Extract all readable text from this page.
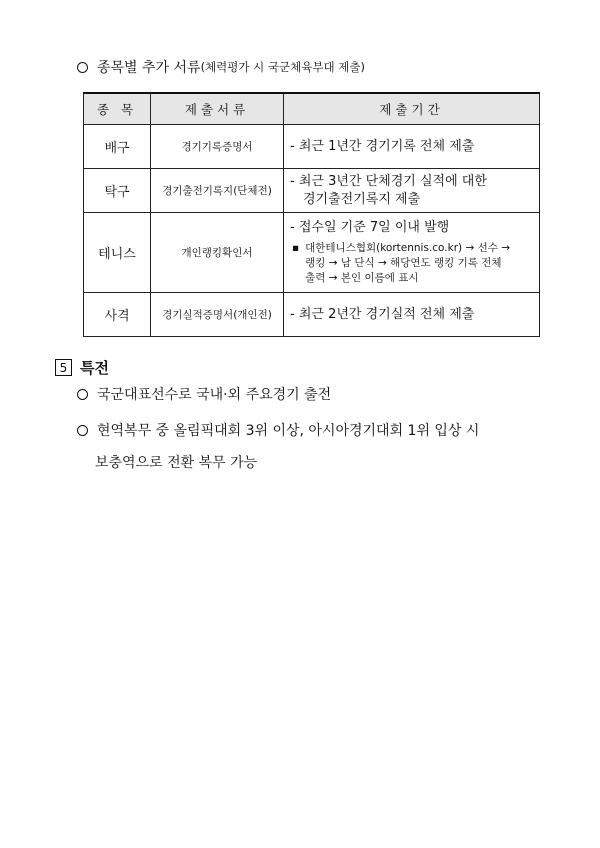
종목별 추가 서류 (체력평가 시 국군체육부대 제출)
종 목	제출서류	제출기간
배구	경기기록증명서	- 최근 1년간 경기기록 전체 제출

탁구	경기출전기록지(단체전)	- 최근 3년간 단체경기 실적에 대한
경기출전기록지 제출

테니스	개인랭킹확인서	- 접수일 기준 7일 이내 발행
▪ 대한테니스협회(kortennis.co.kr) → 선수 →
랭킹 → 남 단식 → 해당연도 랭킹 기록 전체
출력 → 본인 이름에 표시

사격	경기실적증명서(개인전)	- 최근 2년간 경기실적 전체 제출
5 특전
국군대표선수로 국내·외 주요경기 출전
현역복무 중 올림픽대회 3위 이상, 아시아경기대회 1위 입상 시
보충역으로 전환 복무 가능
